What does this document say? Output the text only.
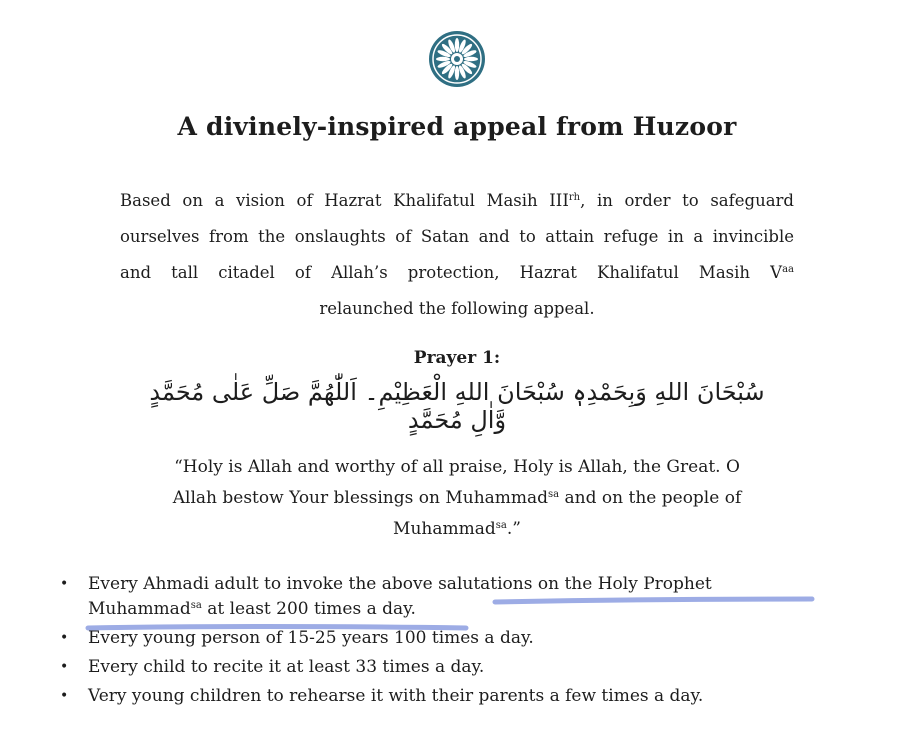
A divinely-inspired appeal from Huzoor
Based on a vision of Hazrat Khalifatul Masih $III^{rh}$, in order to safeguard
ourselves from the onslaughts of Satan and to attain refuge in a invincible
and tall citadel of Allah’s protection, Hazrat Khalifatul Masih $V^{aa}$
relaunched the following appeal.
Prayer 1:
سُبْحَانَ اللهِ وَبِحَمْدِهٖ سُبْحَانَ اللهِ الْعَظِيْمِ۔ اَللّٰهُمَّ صَلِّ عَلٰى مُحَمَّدٍ وَّاٰلِ مُحَمَّدٍ
“Holy is Allah and worthy of all praise, Holy is Allah, the Great. O
Allah bestow Your blessings on Muhammad$^{sa}$ and on the people of
Muhammad$^{sa}$.”
• Every Ahmadi adult to invoke the above salutations on the Holy Prophet
Muhammad$^{sa}$ at least 200 times a day.
• Every young person of 15-25 years 100 times a day.
• Every child to recite it at least 33 times a day.
• Very young children to rehearse it with their parents a few times a day.
